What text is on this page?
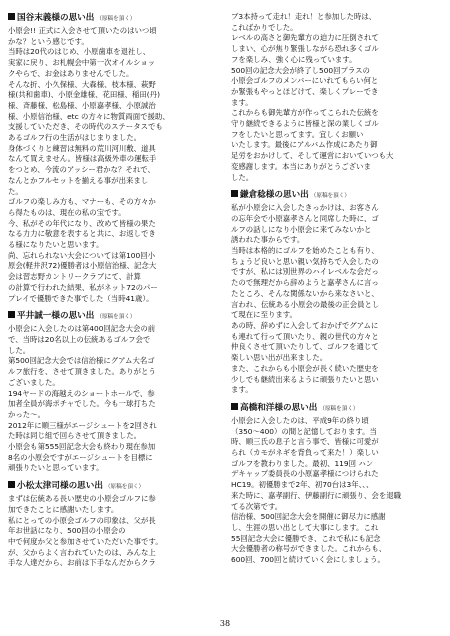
国谷末義様の思い出 （原稿を頂く）

小原会!! 正式に入会させて頂いたのはいつ頃
かな？という感じです。
当時は20代のはじめ、小原歯車を退社し、
実家に戻り、お札幌会中第一次オイルショッ
クやらで、お金はありませんでした。
そんな折、小久保様、大森様、枝本様、萩野
様(共和歯車)、小原金雄様、花田様、稲田(丹)
様、斉藤様、松島様、小原嘉孝様、小原誠治
様、小原信治様、etc の方々に物質両面で援助、
支援していただき、その時代のステータスでも
あるゴルフ行の生活がはじまりました。
身体づくりと練習は無料の荒川河川敷、道具
なんて買えません。皆様は高級外車の運転手
をつとめ、今流のアッシー君かな？それで、
なんとかフルセットを揃える事が出来まし
た。
ゴルフの楽しみ方も、マナーも、その方々か
ら得たものは、現在の私の宝です。
今、私がその年代になり、改めて皆様の果た
なる力力に敬意を表すると共に、お返しでき
る様になりたいと思います。
尚、忘れられない大会については第100回小
原会(軽井沢72)優勝者は小原信治様、記念大
会は習志野カントリークラブにて、計算
の計算で行われた結果、私がネット72のパー
プレイで優勝できた事でした（当時41歳）。

平井誠一様の思い出 （原稿を頂く）

小原会に入会したのは第400回記念大会の前
で、当時は20名以上の伝統あるゴルフ会で
した。
第500回記念大会では信治様にグアム大名ゴ
ルフ旅行を、させて頂きました。ありがとう
ございました。
194ヤードの海越えのショートホールで、参
加者全員が海ポチャでした。今も一球打ちた
かった～。
2012年に順三様がエージシュートを2回され
た時は同じ組で回らさせて頂きました。
小原会も第555回記念大会も終わり現在参加
8名の小原会ですがエージシュートを目標に
頑張りたいと思っています。

小松太津司様の思い出 （原稿を頂く）

まずは伝統ある長い歴史の小原会ゴルフに参
加できたことに感謝いたします。
私にとっての小原会ゴルフの印象は、父が長
年お世話になり、500回の小原会の
中で何度か父と参加させていただいた事です。
が、父からよく言われていたのは、みんな上
手な人達だから、お前は下手なんだからクラ

ブ3本持って走れ！走れ！と参加した時は、
こればかりでした。
レベルの高さと御先輩方の迫力に圧倒されて
しまい、心が焦り緊張しながら恐れ多くゴル
フを楽しみ、強く心に残っています。
500回の記念大会が終了し500回プラスの
小原会ゴルフのメンバーにいれてもらい何と
か緊張もやっとほどけて、楽しくプレーでき
ます。
これからも御先輩方が作ってこられた伝統を
守り継続できるように皆様と深の業しくゴル
フをしたいと思ってます。宜しくお願い
いたします。最後にアルバム作成にあたり御
足労をおかけして、そして運営においていつも大
変感謝します。本当にありがとうございま
した。

鎌倉稔様の思い出 （原稿を頂く）

私が小原会に入会したきっかけは、お客さん
の忘年会で小原嘉孝さんと同席した時に、ゴ
ルフの話しになり小原会に来てみないかと
誘われた事からです。
当時は本格的にゴルフを始めたことも有り、
ちょうど良いと思い親い気持ちで入会したの
ですが、私には別世界のハイレベルな会だっ
たので無理だから辞めようと嘉孝さんに言っ
たところ、そんな関係ないから来なさいと、
言われ、伝統ある小原会の最後の正会員とし
て現在に至ります。
あの時、辞めずに入会しておかげでグアムに
も連れて行って頂いたり、親の世代の方々と
仲良くさせて頂いたりして、ゴルフを通じて
楽しい思い出が出来ました。
また、これからも小原会が長く続いた歴史を
少しでも継続出来るように頑張りたいと思い
ます。

高橋和洋様の思い出 （原稿を頂く）

小原会に入会したのは、平成9年の終り頃
（350～400）の間と記憶しております。当
時、順三氏の息子と言う事で、皆様に可愛が
られ（カモがネギを背負って来た！）楽しい
ゴルフを教わりました。最初、119回 ハン
デキャップ委員長の小原嘉孝様につけられた
HC19。初優勝まで2年、初70台は3年、、、
来た時に、嘉孝副行、伊藤副行に頑張り、会を退職
てる次第です。
信治様、500回記念大会を開催に御尽力に感謝
し、生涯の思い出として大事にします。これ
55回記念大会に優勝でき、これで私にも記念
大会優勝者の称号ができました。これからも、
600回、700回と続けていく会にしましょう。

38
